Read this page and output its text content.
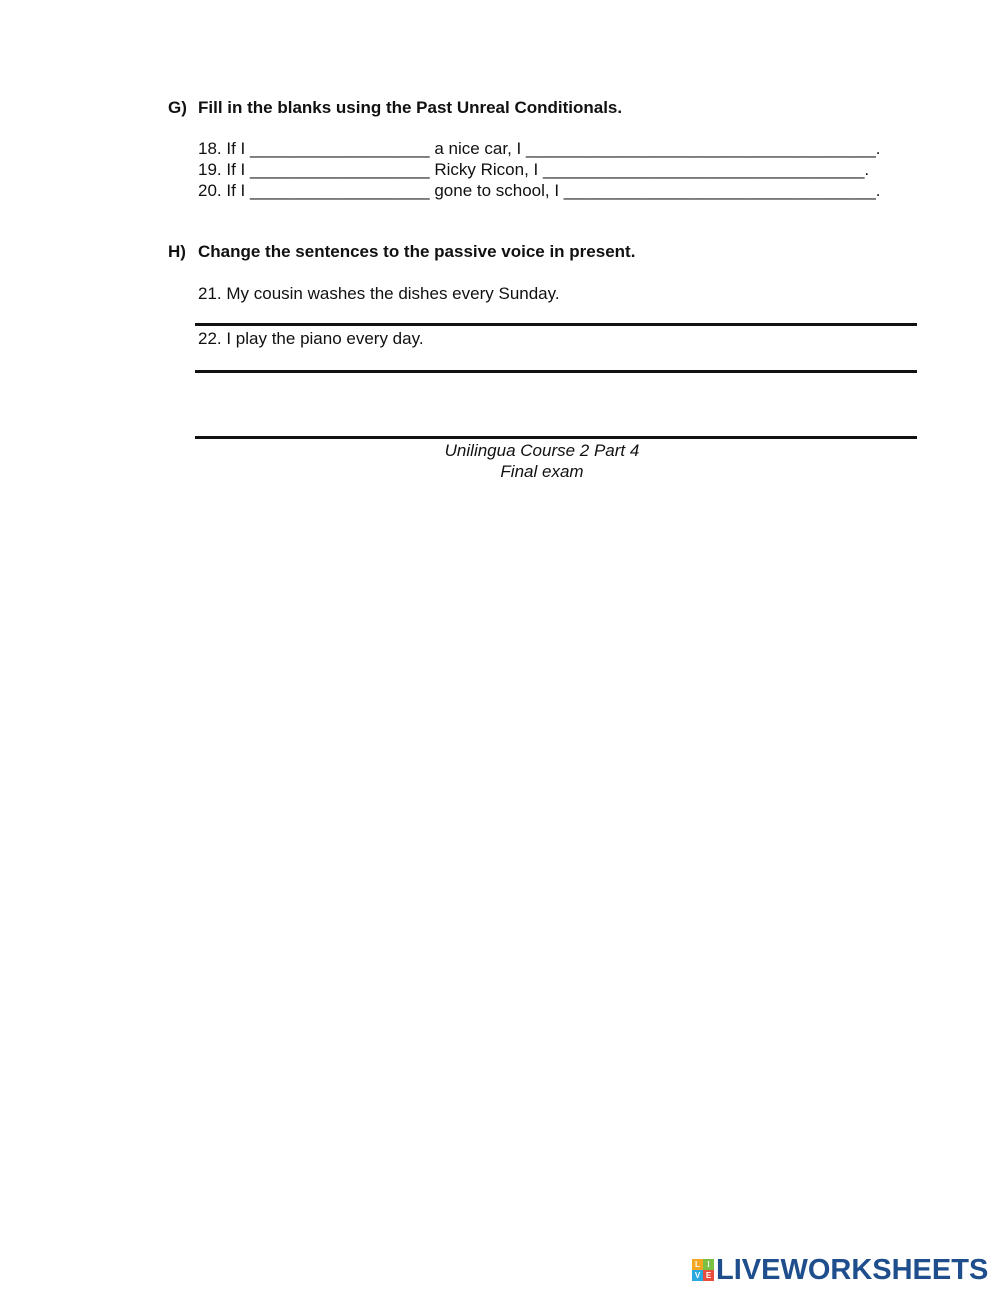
G) Fill in the blanks using the Past Unreal Conditionals.
18. If I ___________________ a nice car, I _____________________________________.
19. If I ___________________ Ricky Ricon, I __________________________________.
20. If I ___________________ gone to school, I _________________________________.
H) Change the sentences to the passive voice in present.
21. My cousin washes the dishes every Sunday.
22. I play the piano every day.
Unilingua Course 2 Part 4
Final exam
L I
V E LIVEWORKSHEETS
